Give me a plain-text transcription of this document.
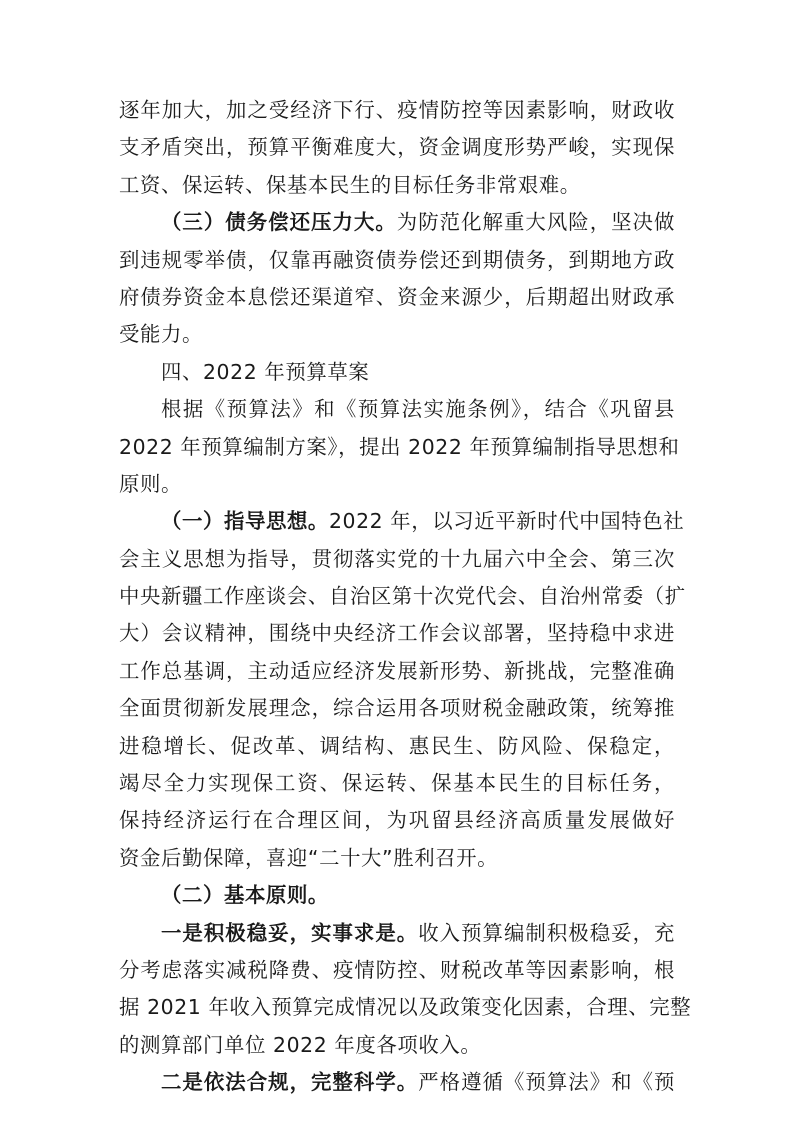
逐年加大，加之受经济下行、疫情防控等因素影响，财政收
支矛盾突出，预算平衡难度大，资金调度形势严峻，实现保
工资、保运转、保基本民生的目标任务非常艰难。
（三）债务偿还压力大。为防范化解重大风险，坚决做
到违规零举债，仅靠再融资债券偿还到期债务，到期地方政
府债券资金本息偿还渠道窄、资金来源少，后期超出财政承
受能力。
四、2022 年预算草案
根据《预算法》和《预算法实施条例》，结合《巩留县
2022 年预算编制方案》，提出 2022 年预算编制指导思想和
原则。
（一）指导思想。2022 年，以习近平新时代中国特色社
会主义思想为指导，贯彻落实党的十九届六中全会、第三次
中央新疆工作座谈会、自治区第十次党代会、自治州常委（扩
大）会议精神，围绕中央经济工作会议部署，坚持稳中求进
工作总基调，主动适应经济发展新形势、新挑战，完整准确
全面贯彻新发展理念，综合运用各项财税金融政策，统筹推
进稳增长、促改革、调结构、惠民生、防风险、保稳定，
竭尽全力实现保工资、保运转、保基本民生的目标任务，
保持经济运行在合理区间，为巩留县经济高质量发展做好
资金后勤保障，喜迎“二十大”胜利召开。
（二）基本原则。
一是积极稳妥，实事求是。收入预算编制积极稳妥，充
分考虑落实减税降费、疫情防控、财税改革等因素影响，根
据 2021 年收入预算完成情况以及政策变化因素，合理、完整
的测算部门单位 2022 年度各项收入。
二是依法合规，完整科学。严格遵循《预算法》和《预
